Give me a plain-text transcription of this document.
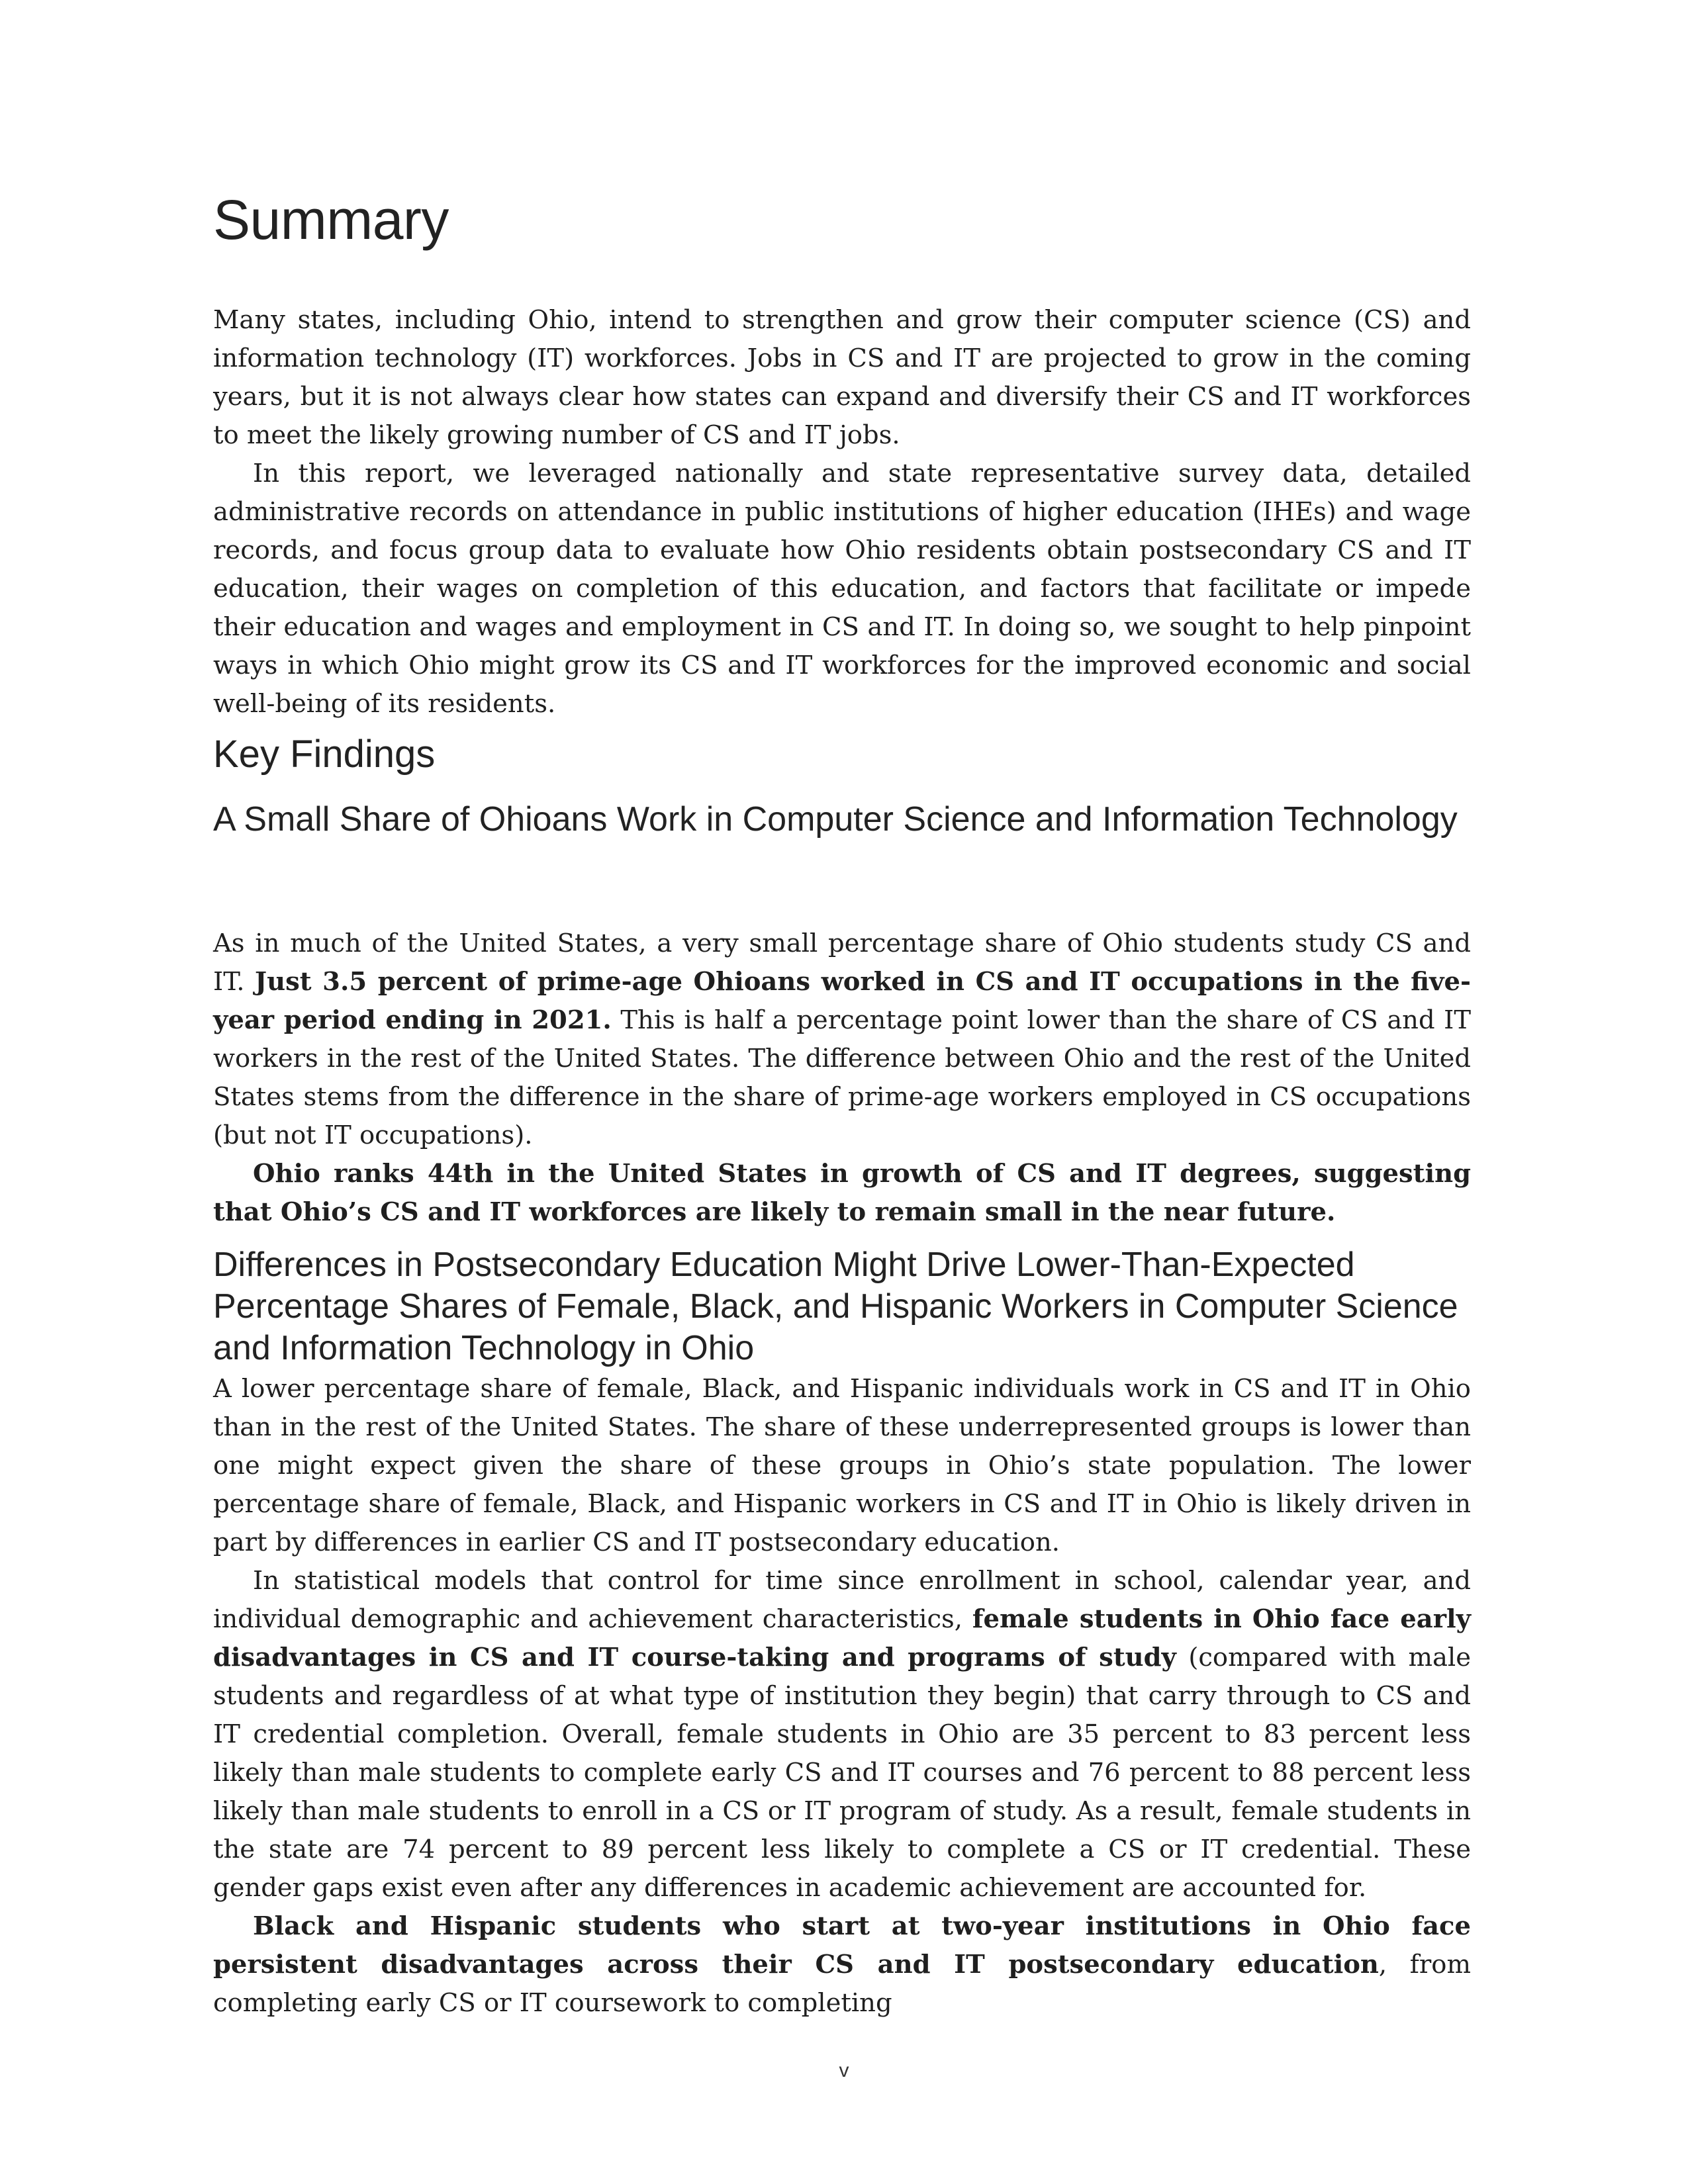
Summary

Many states, including Ohio, intend to strengthen and grow their computer science (CS) and information technology (IT) workforces. Jobs in CS and IT are projected to grow in the coming years, but it is not always clear how states can expand and diversify their CS and IT workforces to meet the likely growing number of CS and IT jobs.

In this report, we leveraged nationally and state representative survey data, detailed administrative records on attendance in public institutions of higher education (IHEs) and wage records, and focus group data to evaluate how Ohio residents obtain postsecondary CS and IT education, their wages on completion of this education, and factors that facilitate or impede their education and wages and employment in CS and IT. In doing so, we sought to help pinpoint ways in which Ohio might grow its CS and IT workforces for the improved economic and social well-being of its residents.

Key Findings
A Small Share of Ohioans Work in Computer Science and Information Technology

As in much of the United States, a very small percentage share of Ohio students study CS and IT. Just 3.5 percent of prime-age Ohioans worked in CS and IT occupations in the five-year period ending in 2021. This is half a percentage point lower than the share of CS and IT workers in the rest of the United States. The difference between Ohio and the rest of the United States stems from the difference in the share of prime-age workers employed in CS occupations (but not IT occupations).

Ohio ranks 44th in the United States in growth of CS and IT degrees, suggesting that Ohio’s CS and IT workforces are likely to remain small in the near future.

Differences in Postsecondary Education Might Drive Lower-Than-Expected Percentage Shares of Female, Black, and Hispanic Workers in Computer Science and Information Technology in Ohio

A lower percentage share of female, Black, and Hispanic individuals work in CS and IT in Ohio than in the rest of the United States. The share of these underrepresented groups is lower than one might expect given the share of these groups in Ohio’s state population. The lower percentage share of female, Black, and Hispanic workers in CS and IT in Ohio is likely driven in part by differences in earlier CS and IT postsecondary education.

In statistical models that control for time since enrollment in school, calendar year, and individual demographic and achievement characteristics, female students in Ohio face early disadvantages in CS and IT course-taking and programs of study (compared with male students and regardless of at what type of institution they begin) that carry through to CS and IT credential completion. Overall, female students in Ohio are 35 percent to 83 percent less likely than male students to complete early CS and IT courses and 76 percent to 88 percent less likely than male students to enroll in a CS or IT program of study. As a result, female students in the state are 74 percent to 89 percent less likely to complete a CS or IT credential. These gender gaps exist even after any differences in academic achievement are accounted for.

Black and Hispanic students who start at two-year institutions in Ohio face persistent disadvantages across their CS and IT postsecondary education, from completing early CS or IT coursework to completing

v
